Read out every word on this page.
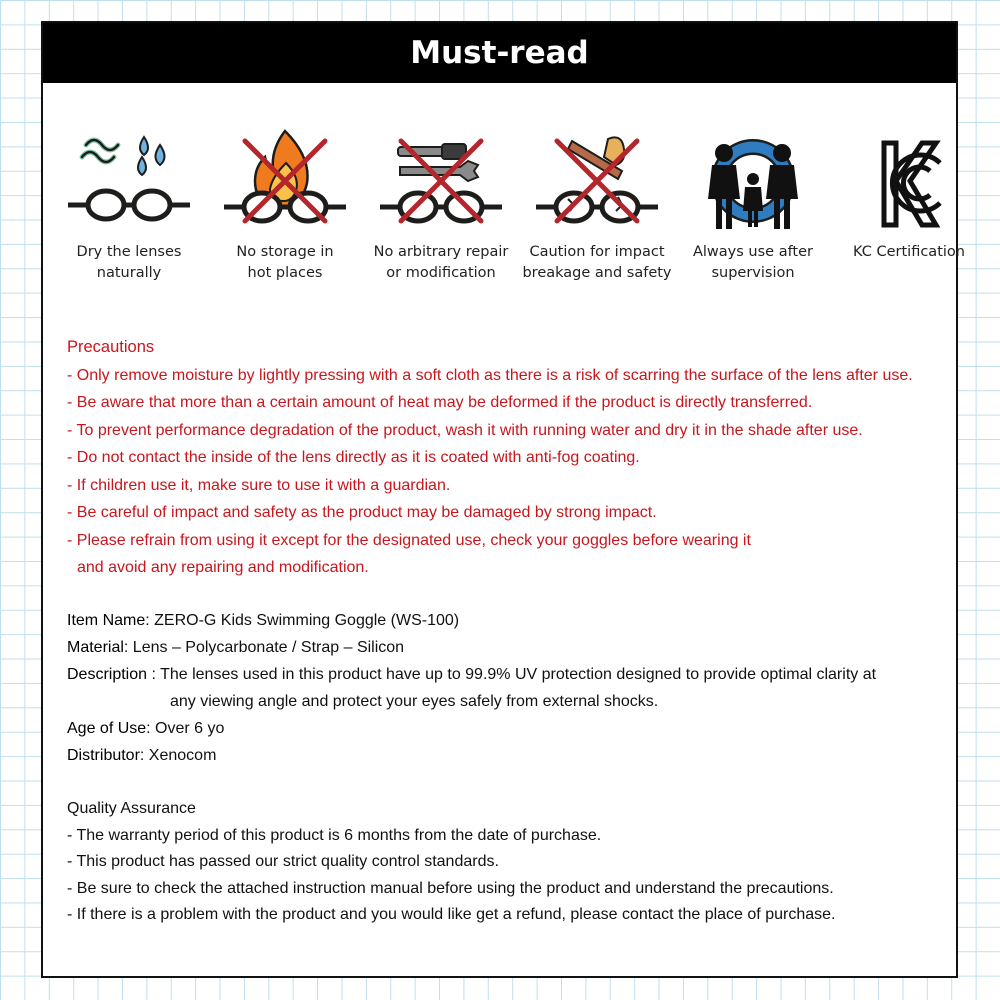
Must-read
Dry the lenses
naturally
No storage in
hot places
No arbitrary repair
or modification
Caution for impact
breakage and safety
Always use after
supervision
KC Certification
Precautions
- Only remove moisture by lightly pressing with a soft cloth as there is a risk of scarring the surface of the lens after use.
- Be aware that more than a certain amount of heat may be deformed if the product is directly transferred.
- To prevent performance degradation of the product, wash it with running water and dry it in the shade after use.
- Do not contact the inside of the lens directly as it is coated with anti-fog coating.
- If children use it, make sure to use it with a guardian.
- Be careful of impact and safety as the product may be damaged by strong impact.
- Please refrain from using it except for the designated use, check your goggles before wearing it
and avoid any repairing and modification.
Item Name: ZERO-G Kids Swimming Goggle (WS-100)
Material: Lens – Polycarbonate / Strap – Silicon
Description : The lenses used in this product have up to 99.9% UV protection designed to provide optimal clarity at
any viewing angle and protect your eyes safely from external shocks.
Age of Use: Over 6 yo
Distributor: Xenocom
Quality Assurance
- The warranty period of this product is 6 months from the date of purchase.
- This product has passed our strict quality control standards.
- Be sure to check the attached instruction manual before using the product and understand the precautions.
- If there is a problem with the product and you would like get a refund, please contact the place of purchase.
